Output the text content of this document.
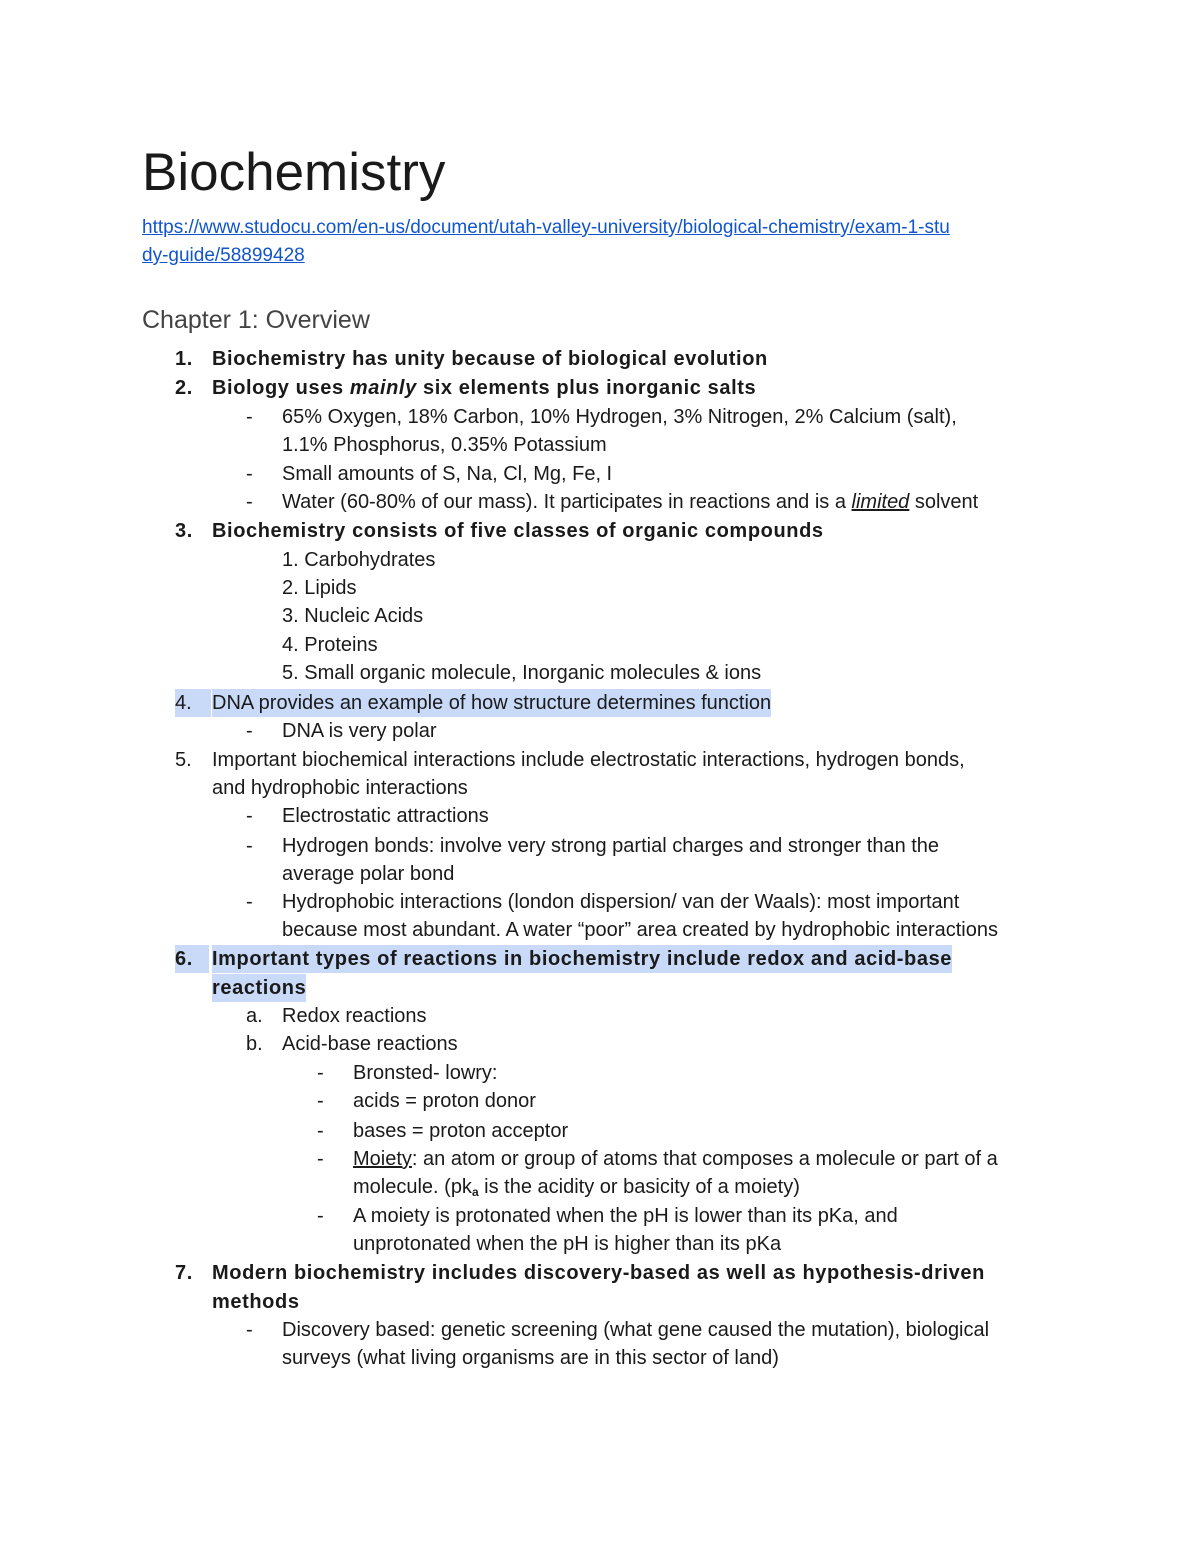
Biochemistry
https://www.studocu.com/en-us/document/utah-valley-university/biological-chemistry/exam-1-stu
dy-guide/58899428
Chapter 1: Overview
1. Biochemistry has unity because of biological evolution
2. Biology uses mainly six elements plus inorganic salts
- 65% Oxygen, 18% Carbon, 10% Hydrogen, 3% Nitrogen, 2% Calcium (salt),
1.1% Phosphorus, 0.35% Potassium
- Small amounts of S, Na, Cl, Mg, Fe, I
- Water (60-80% of our mass). It participates in reactions and is a limited solvent
3. Biochemistry consists of five classes of organic compounds
1. Carbohydrates
2. Lipids
3. Nucleic Acids
4. Proteins
5. Small organic molecule, Inorganic molecules & ions
4.	DNA provides an example of how structure determines function
- DNA is very polar
5. Important biochemical interactions include electrostatic interactions, hydrogen bonds,
and hydrophobic interactions
- Electrostatic attractions
- Hydrogen bonds: involve very strong partial charges and stronger than the
average polar bond
- Hydrophobic interactions (london dispersion/ van der Waals): most important
because most abundant. A water “poor” area created by hydrophobic interactions
6. Important types of reactions in biochemistry include redox and acid-base
reactions
a. Redox reactions
b. Acid-base reactions
- Bronsted- lowry:
- acids = proton donor
- bases = proton acceptor
- Moiety: an atom or group of atoms that composes a molecule or part of a
molecule. ($pk_a$ is the acidity or basicity of a moiety)
- A moiety is protonated when the pH is lower than its pKa, and
unprotonated when the pH is higher than its pKa
7. Modern biochemistry includes discovery-based as well as hypothesis-driven
methods
- Discovery based: genetic screening (what gene caused the mutation), biological
surveys (what living organisms are in this sector of land)
